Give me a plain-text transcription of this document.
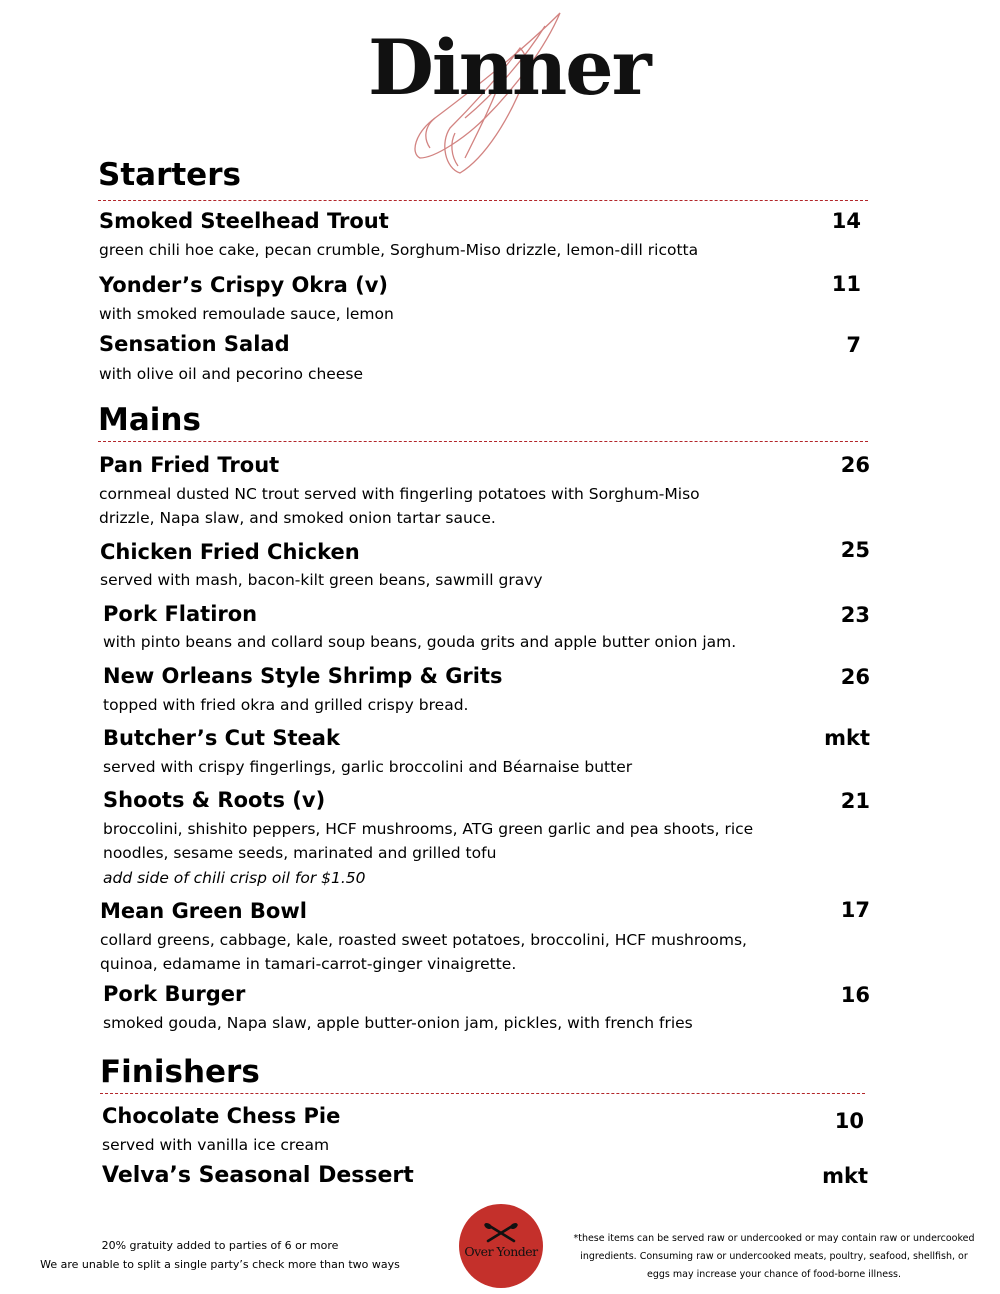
Dinner
Starters
Smoked Steelhead Trout	14
green chili hoe cake, pecan crumble, Sorghum-Miso drizzle, lemon-dill ricotta
Yonder’s Crispy Okra (v)	11
with smoked remoulade sauce, lemon
Sensation Salad	7
with olive oil and pecorino cheese
Mains
Pan Fried Trout	26
cornmeal dusted NC trout served with fingerling potatoes with Sorghum-Miso drizzle, Napa slaw, and smoked onion tartar sauce.
Chicken Fried Chicken	25
served with mash, bacon-kilt green beans, sawmill gravy
Pork Flatiron	23
with pinto beans and collard soup beans, gouda grits and apple butter onion jam.
New Orleans Style Shrimp & Grits	26
topped with fried okra and grilled crispy bread.
Butcher’s Cut Steak	mkt
served with crispy fingerlings, garlic broccolini and Béarnaise butter
Shoots & Roots (v)	21
broccolini, shishito peppers, HCF mushrooms, ATG green garlic and pea shoots, rice noodles, sesame seeds, marinated and grilled tofu
add side of chili crisp oil for $1.50
Mean Green Bowl	17
collard greens, cabbage, kale, roasted sweet potatoes, broccolini, HCF mushrooms, quinoa, edamame in tamari-carrot-ginger vinaigrette.
Pork Burger	16
smoked gouda, Napa slaw, apple butter-onion jam, pickles, with french fries
Finishers
Chocolate Chess Pie	10
served with vanilla ice cream
Velva’s Seasonal Dessert	mkt
20% gratuity added to parties of 6 or more
We are unable to split a single party’s check more than two ways
Over Yonder
*these items can be served raw or undercooked or may contain raw or undercooked
ingredients. Consuming raw or undercooked meats, poultry, seafood, shellfish, or
eggs may increase your chance of food-borne illness.
